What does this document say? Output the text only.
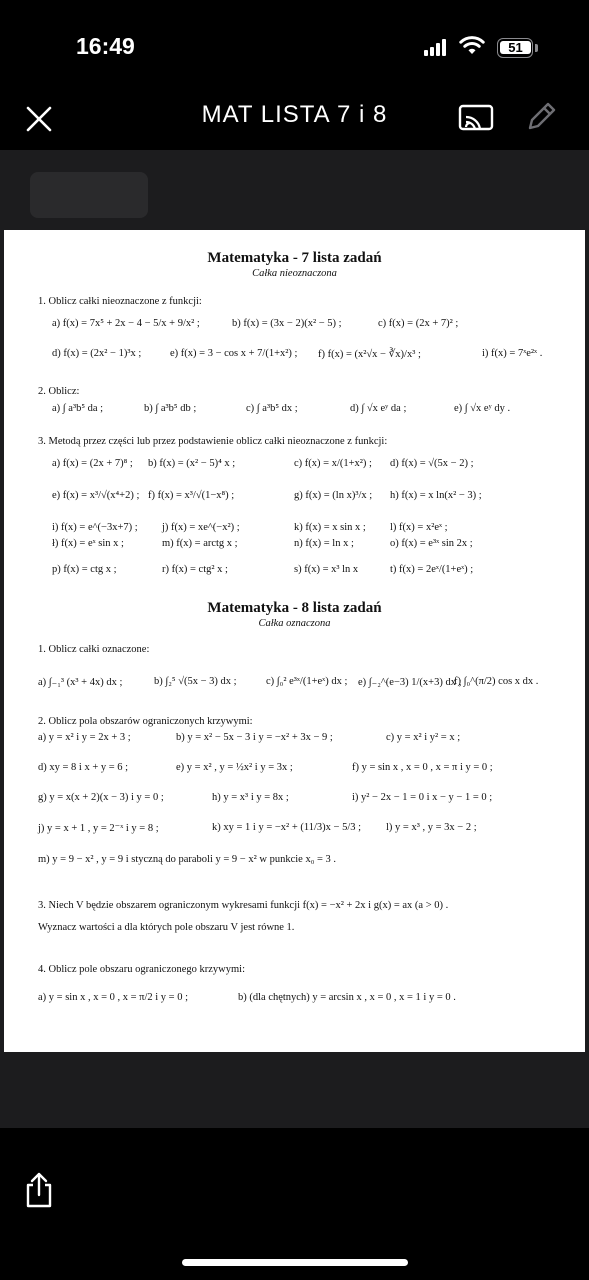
16:49	51
MAT LISTA 7 i 8
Matematyka - 7 lista zadań
Całka nieoznaczona
1. Oblicz całki nieoznaczone z funkcji:
a) f(x) = 7x⁵ + 2x − 4 − 5/x + 9/x² ;	b) f(x) = (3x − 2)(x² − 5) ;	c) f(x) = (2x + 7)² ;
d) f(x) = (2x² − 1)³x ;	e) f(x) = 3 − cos x + 7/(1+x²) ; f) f(x) = (x²√x − ∛x)/x³ ;	i) f(x) = 7ˣe²ˣ .
2. Oblicz:
a) ∫ a³b⁵ da ;	b) ∫ a³b⁵ db ;	c) ∫ a³b⁵ dx ;	d) ∫ √x eʸ da ;	e) ∫ √x eʸ dy .
3. Metodą przez części lub przez podstawienie oblicz całki nieoznaczone z funkcji:
a) f(x) = (2x + 7)⁸ ; b) f(x) = (x² − 5)⁴ x ;	c) f(x) = x/(1+x²) ; d) f(x) = √(5x − 2) ;
e) f(x) = x³/√(x⁴+2) ; f) f(x) = x³/√(1−x⁸) ;	g) f(x) = (ln x)³/x ; h) f(x) = x ln(x² − 3) ;
i) f(x) = e^(−3x+7) ; j) f(x) = xe^(−x²) ;	k) f(x) = x sin x ; l) f(x) = x²eˣ ;
ł) f(x) = eˣ sin x ;	m) f(x) = arctg x ;	n) f(x) = ln x ;	o) f(x) = e³ˣ sin 2x ;
p) f(x) = ctg x ;	r) f(x) = ctg² x ;	s) f(x) = x³ ln x	t) f(x) = 2eˣ/(1+eˣ) ;
Matematyka - 8 lista zadań
Całka oznaczona
1. Oblicz całki oznaczone:
a) ∫₋₁³ (x³ + 4x) dx ;	b) ∫₂⁵ √(5x − 3) dx ;	c) ∫₀² e³ˣ/(1+eˣ) dx ; e) ∫₋₂^(e−3) 1/(x+3) dx ;
f) ∫₀^(π/2) cos x dx .
2. Oblicz pola obszarów ograniczonych krzywymi:
a) y = x² i y = 2x + 3 ;	b) y = x² − 5x − 3 i y = −x² + 3x − 9 ;	c) y = x² i y² = x ;
d) xy = 8 i x + y = 6 ;	e) y = x² , y = ½x² i y = 3x ;	f) y = sin x , x = 0 , x = π i y = 0 ;
g) y = x(x + 2)(x − 3) i y = 0 ;	h) y = x³ i y = 8x ;	i) y² − 2x − 1 = 0 i x − y − 1 = 0 ;
j) y = x + 1 , y = 2⁻ˣ i y = 8 ;	k) xy = 1 i y = −x² + (11/3)x − 5/3 ; l) y = x³ , y = 3x − 2 ;
m) y = 9 − x² , y = 9 i styczną do paraboli y = 9 − x² w punkcie x₀ = 3 .
3. Niech V będzie obszarem ograniczonym wykresami funkcji f(x) = −x² + 2x i g(x) = ax (a > 0) .
Wyznacz wartości a dla których pole obszaru V jest równe 1.
4. Oblicz pole obszaru ograniczonego krzywymi:
a) y = sin x , x = 0 , x = π/2 i y = 0 ;	b) (dla chętnych) y = arcsin x , x = 0 , x = 1 i y = 0 .
